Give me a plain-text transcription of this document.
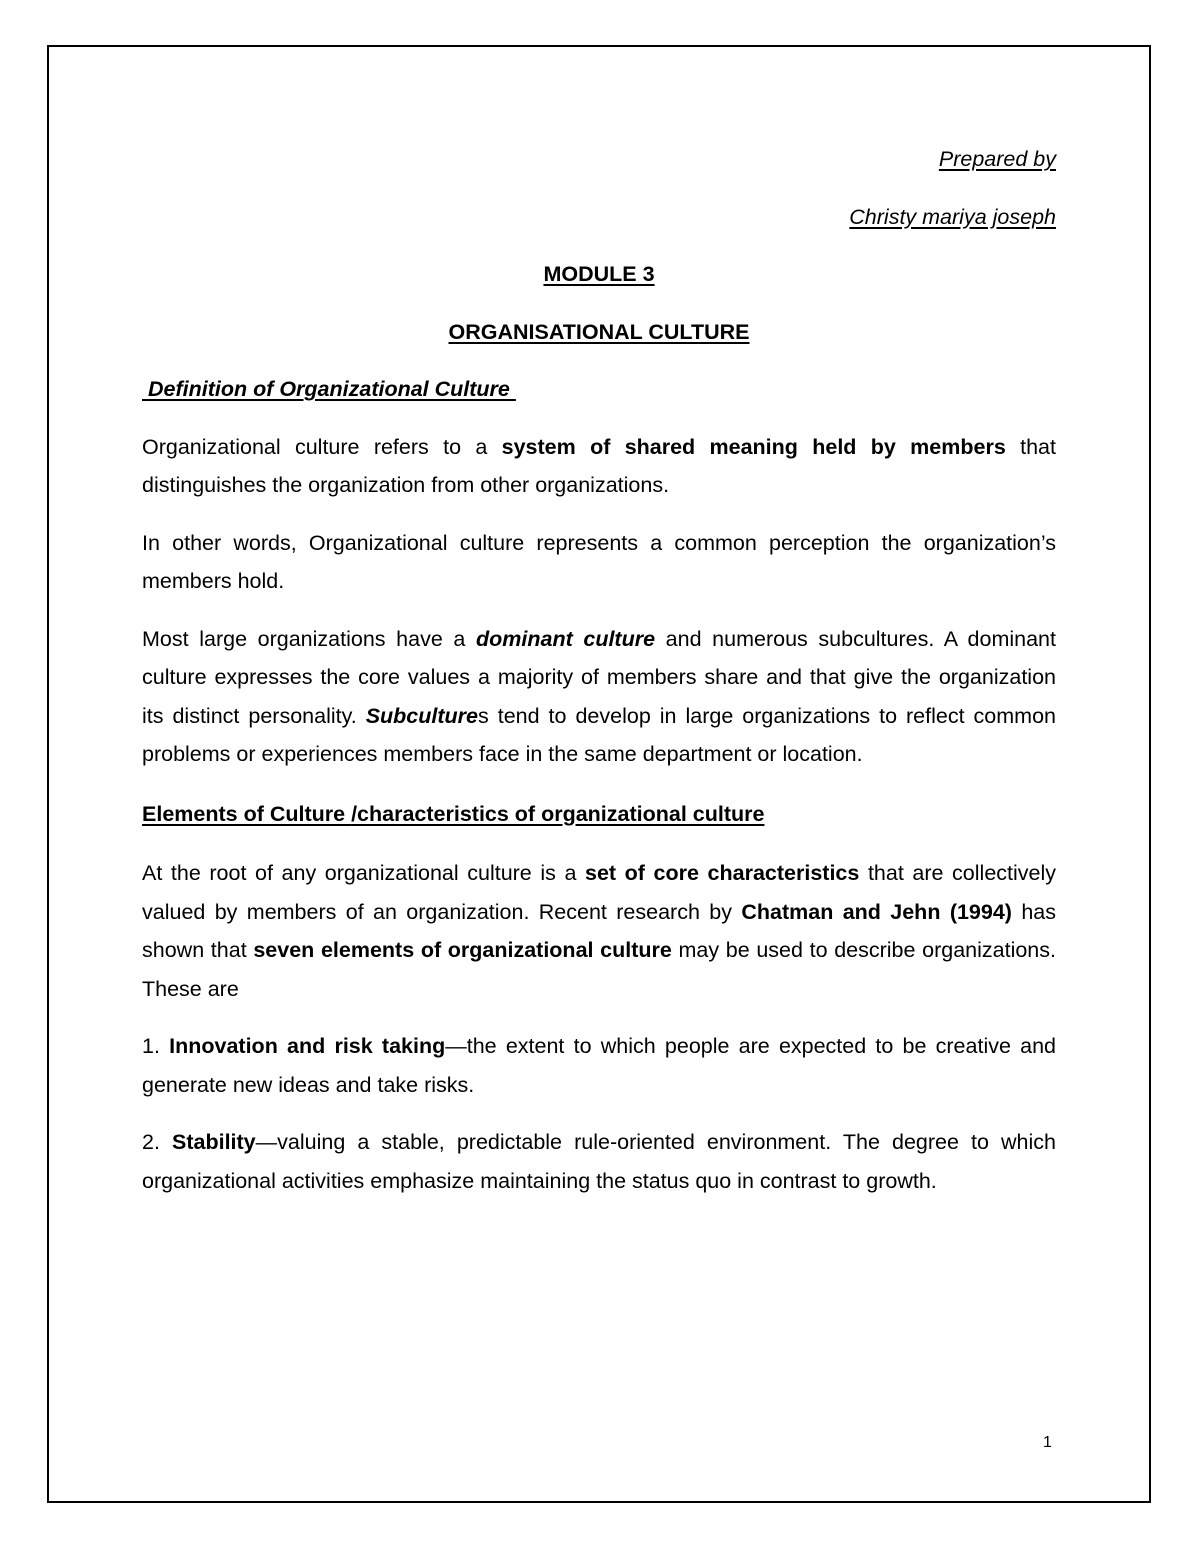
Prepared by

Christy mariya joseph

MODULE 3

ORGANISATIONAL CULTURE

Definition of Organizational Culture

Organizational culture refers to a system of shared meaning held by members that distinguishes the organization from other organizations.

In other words, Organizational culture represents a common perception the organization’s members hold.

Most large organizations have a dominant culture and numerous subcultures. A dominant culture expresses the core values a majority of members share and that give the organization its distinct personality. Subcultures tend to develop in large organizations to reflect common problems or experiences members face in the same department or location.

Elements of Culture /characteristics of organizational culture

At the root of any organizational culture is a set of core characteristics that are collectively valued by members of an organization. Recent research by Chatman and Jehn (1994) has shown that seven elements of organizational culture may be used to describe organizations. These are

1. Innovation and risk taking—the extent to which people are expected to be creative and generate new ideas and take risks.

2. Stability—valuing a stable, predictable rule-oriented environment. The degree to which organizational activities emphasize maintaining the status quo in contrast to growth.

1
